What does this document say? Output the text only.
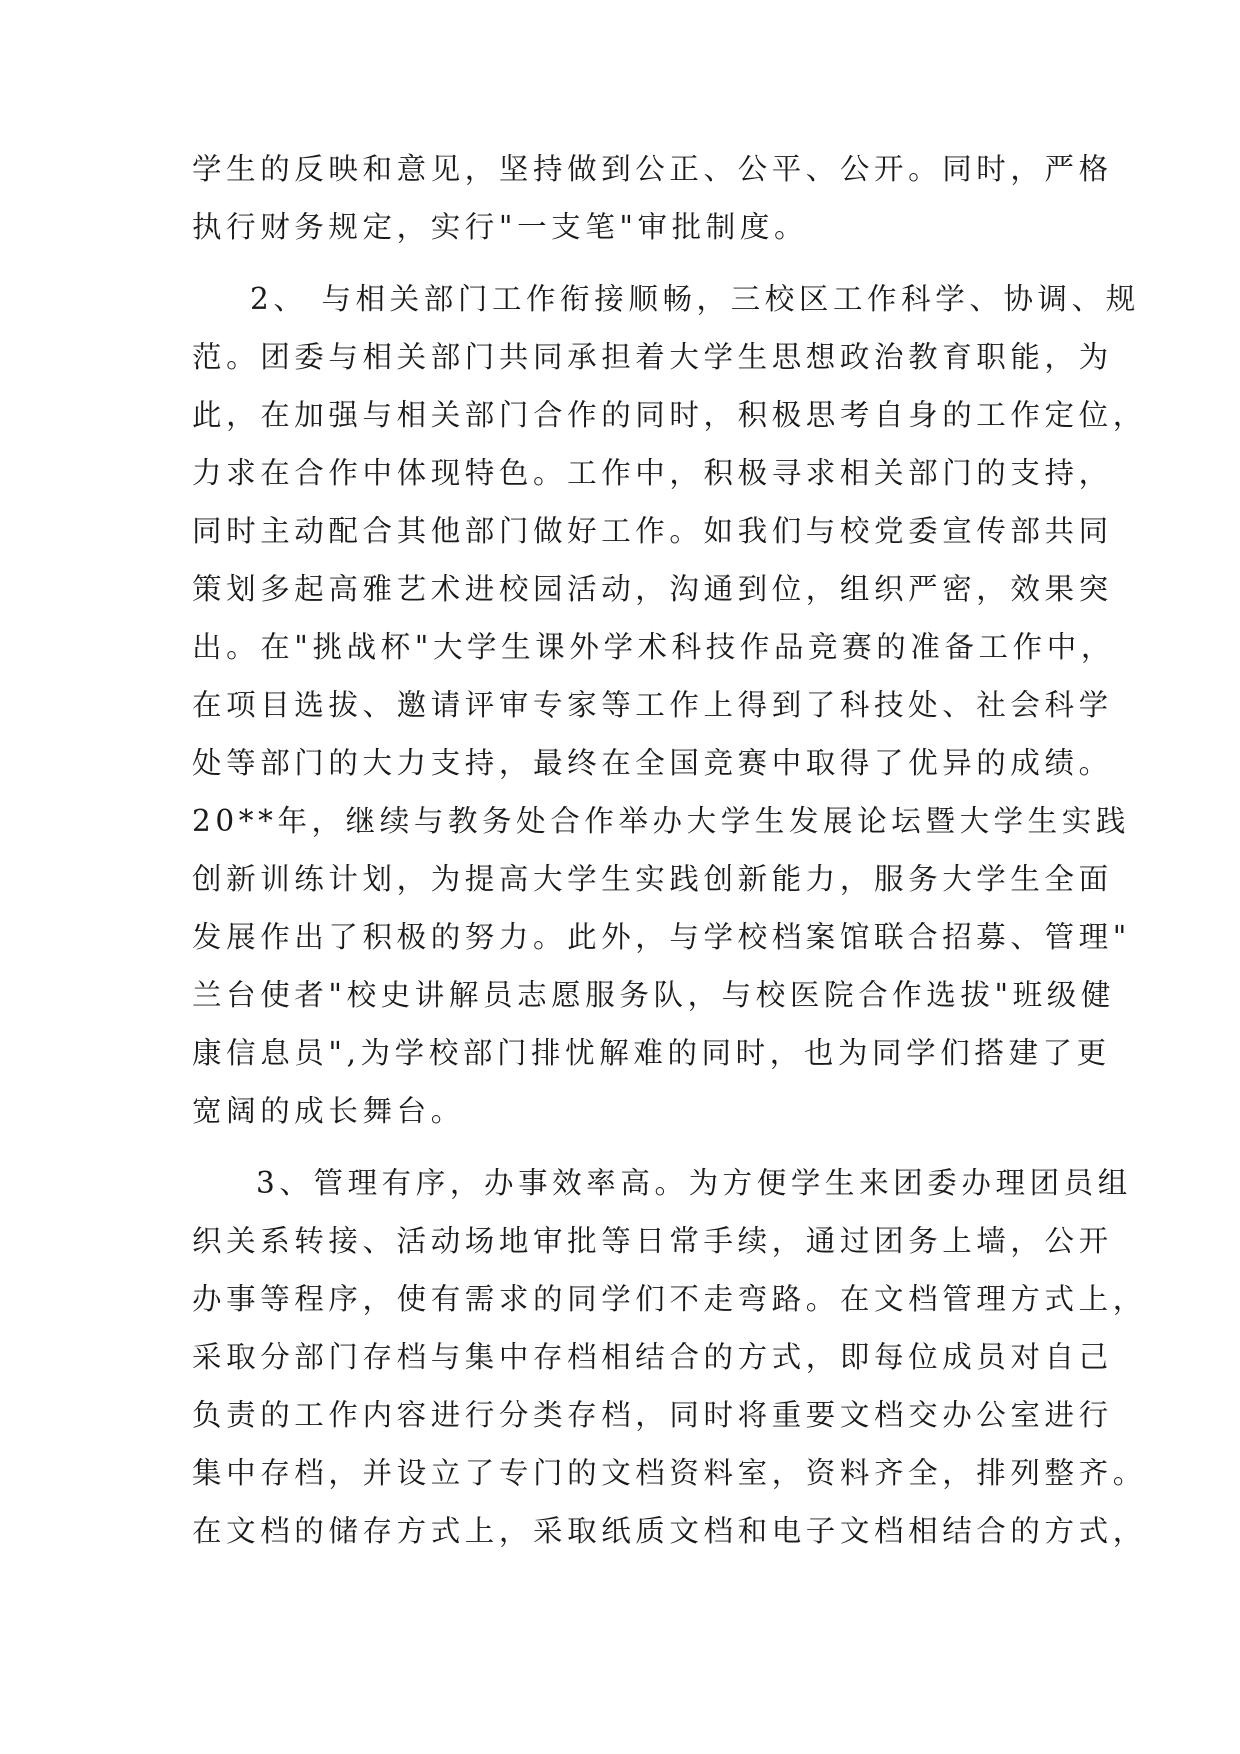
学生的反映和意见，坚持做到公正、公平、公开。同时，严格
执行财务规定，实行"一支笔"审批制度。
2、 与相关部门工作衔接顺畅，三校区工作科学、协调、规
范。团委与相关部门共同承担着大学生思想政治教育职能，为
此，在加强与相关部门合作的同时，积极思考自身的工作定位，
力求在合作中体现特色。工作中，积极寻求相关部门的支持，
同时主动配合其他部门做好工作。如我们与校党委宣传部共同
策划多起高雅艺术进校园活动，沟通到位，组织严密，效果突
出。在"挑战杯"大学生课外学术科技作品竞赛的准备工作中，
在项目选拔、邀请评审专家等工作上得到了科技处、社会科学
处等部门的大力支持，最终在全国竞赛中取得了优异的成绩。
20**年，继续与教务处合作举办大学生发展论坛暨大学生实践
创新训练计划，为提高大学生实践创新能力，服务大学生全面
发展作出了积极的努力。此外，与学校档案馆联合招募、管理"
兰台使者"校史讲解员志愿服务队，与校医院合作选拔"班级健
康信息员",为学校部门排忧解难的同时，也为同学们搭建了更
宽阔的成长舞台。
3、管理有序，办事效率高。为方便学生来团委办理团员组
织关系转接、活动场地审批等日常手续，通过团务上墙，公开
办事等程序，使有需求的同学们不走弯路。在文档管理方式上，
采取分部门存档与集中存档相结合的方式，即每位成员对自己
负责的工作内容进行分类存档，同时将重要文档交办公室进行
集中存档，并设立了专门的文档资料室，资料齐全，排列整齐。
在文档的储存方式上，采取纸质文档和电子文档相结合的方式，
